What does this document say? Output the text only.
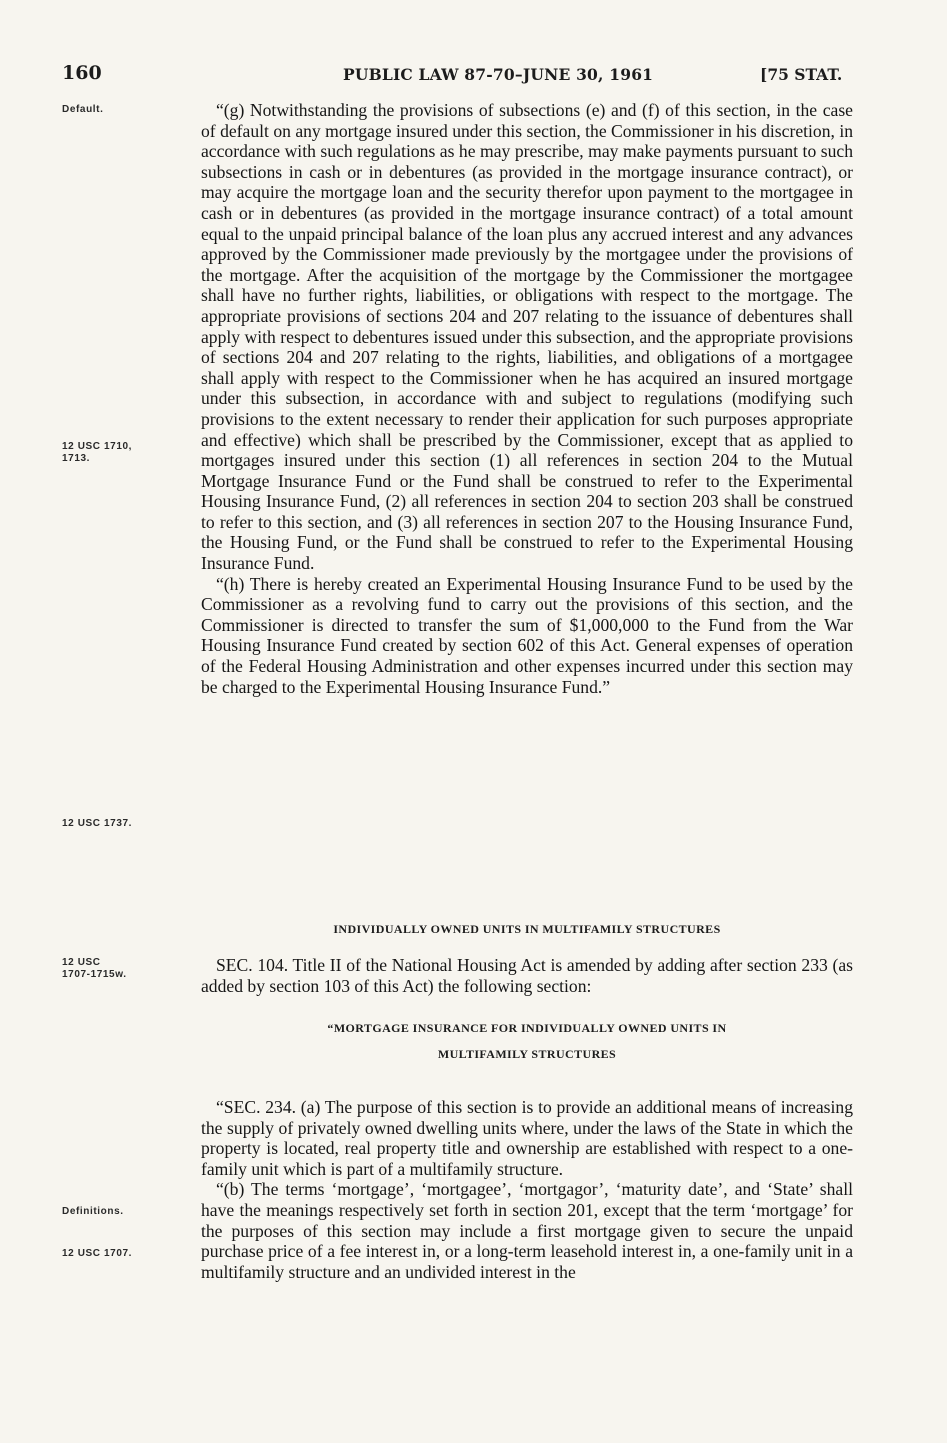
160	PUBLIC LAW 87-70–JUNE 30, 1961	[75 STAT.
Default.
12 USC 1710, 1713.
12 USC 1737.
12 USC 1707-1715w.
Definitions.
12 USC 1707.

“(g) Notwithstanding the provisions of subsections (e) and (f) of this section, in the case of default on any mortgage insured under this section, the Commissioner in his discretion, in accordance with such regulations as he may prescribe, may make payments pursuant to such subsections in cash or in debentures (as provided in the mortgage insurance contract), or may acquire the mortgage loan and the security therefor upon payment to the mortgagee in cash or in debentures (as provided in the mortgage insurance contract) of a total amount equal to the unpaid principal balance of the loan plus any accrued interest and any advances approved by the Commissioner made previously by the mortgagee under the provisions of the mortgage. After the acquisition of the mortgage by the Commissioner the mortgagee shall have no further rights, liabilities, or obligations with respect to the mortgage. The appropriate provisions of sections 204 and 207 relating to the issuance of debentures shall apply with respect to debentures issued under this subsection, and the appropriate provisions of sections 204 and 207 relating to the rights, liabilities, and obligations of a mortgagee shall apply with respect to the Commissioner when he has acquired an insured mortgage under this subsection, in accordance with and subject to regulations (modifying such provisions to the extent necessary to render their application for such purposes appropriate and effective) which shall be prescribed by the Commissioner, except that as applied to mortgages insured under this section (1) all references in section 204 to the Mutual Mortgage Insurance Fund or the Fund shall be construed to refer to the Experimental Housing Insurance Fund, (2) all references in section 204 to section 203 shall be construed to refer to this section, and (3) all references in section 207 to the Housing Insurance Fund, the Housing Fund, or the Fund shall be construed to refer to the Experimental Housing Insurance Fund.

“(h) There is hereby created an Experimental Housing Insurance Fund to be used by the Commissioner as a revolving fund to carry out the provisions of this section, and the Commissioner is directed to transfer the sum of $1,000,000 to the Fund from the War Housing Insurance Fund created by section 602 of this Act. General expenses of operation of the Federal Housing Administration and other expenses incurred under this section may be charged to the Experimental Housing Insurance Fund.”

INDIVIDUALLY OWNED UNITS IN MULTIFAMILY STRUCTURES

SEC. 104. Title II of the National Housing Act is amended by adding after section 233 (as added by section 103 of this Act) the following section:

“MORTGAGE INSURANCE FOR INDIVIDUALLY OWNED UNITS IN
MULTIFAMILY STRUCTURES

“SEC. 234. (a) The purpose of this section is to provide an additional means of increasing the supply of privately owned dwelling units where, under the laws of the State in which the property is located, real property title and ownership are established with respect to a one-family unit which is part of a multifamily structure.

“(b) The terms ‘mortgage’, ‘mortgagee’, ‘mortgagor’, ‘maturity date’, and ‘State’ shall have the meanings respectively set forth in section 201, except that the term ‘mortgage’ for the purposes of this section may include a first mortgage given to secure the unpaid purchase price of a fee interest in, or a long-term leasehold interest in, a one-family unit in a multifamily structure and an undivided interest in the
